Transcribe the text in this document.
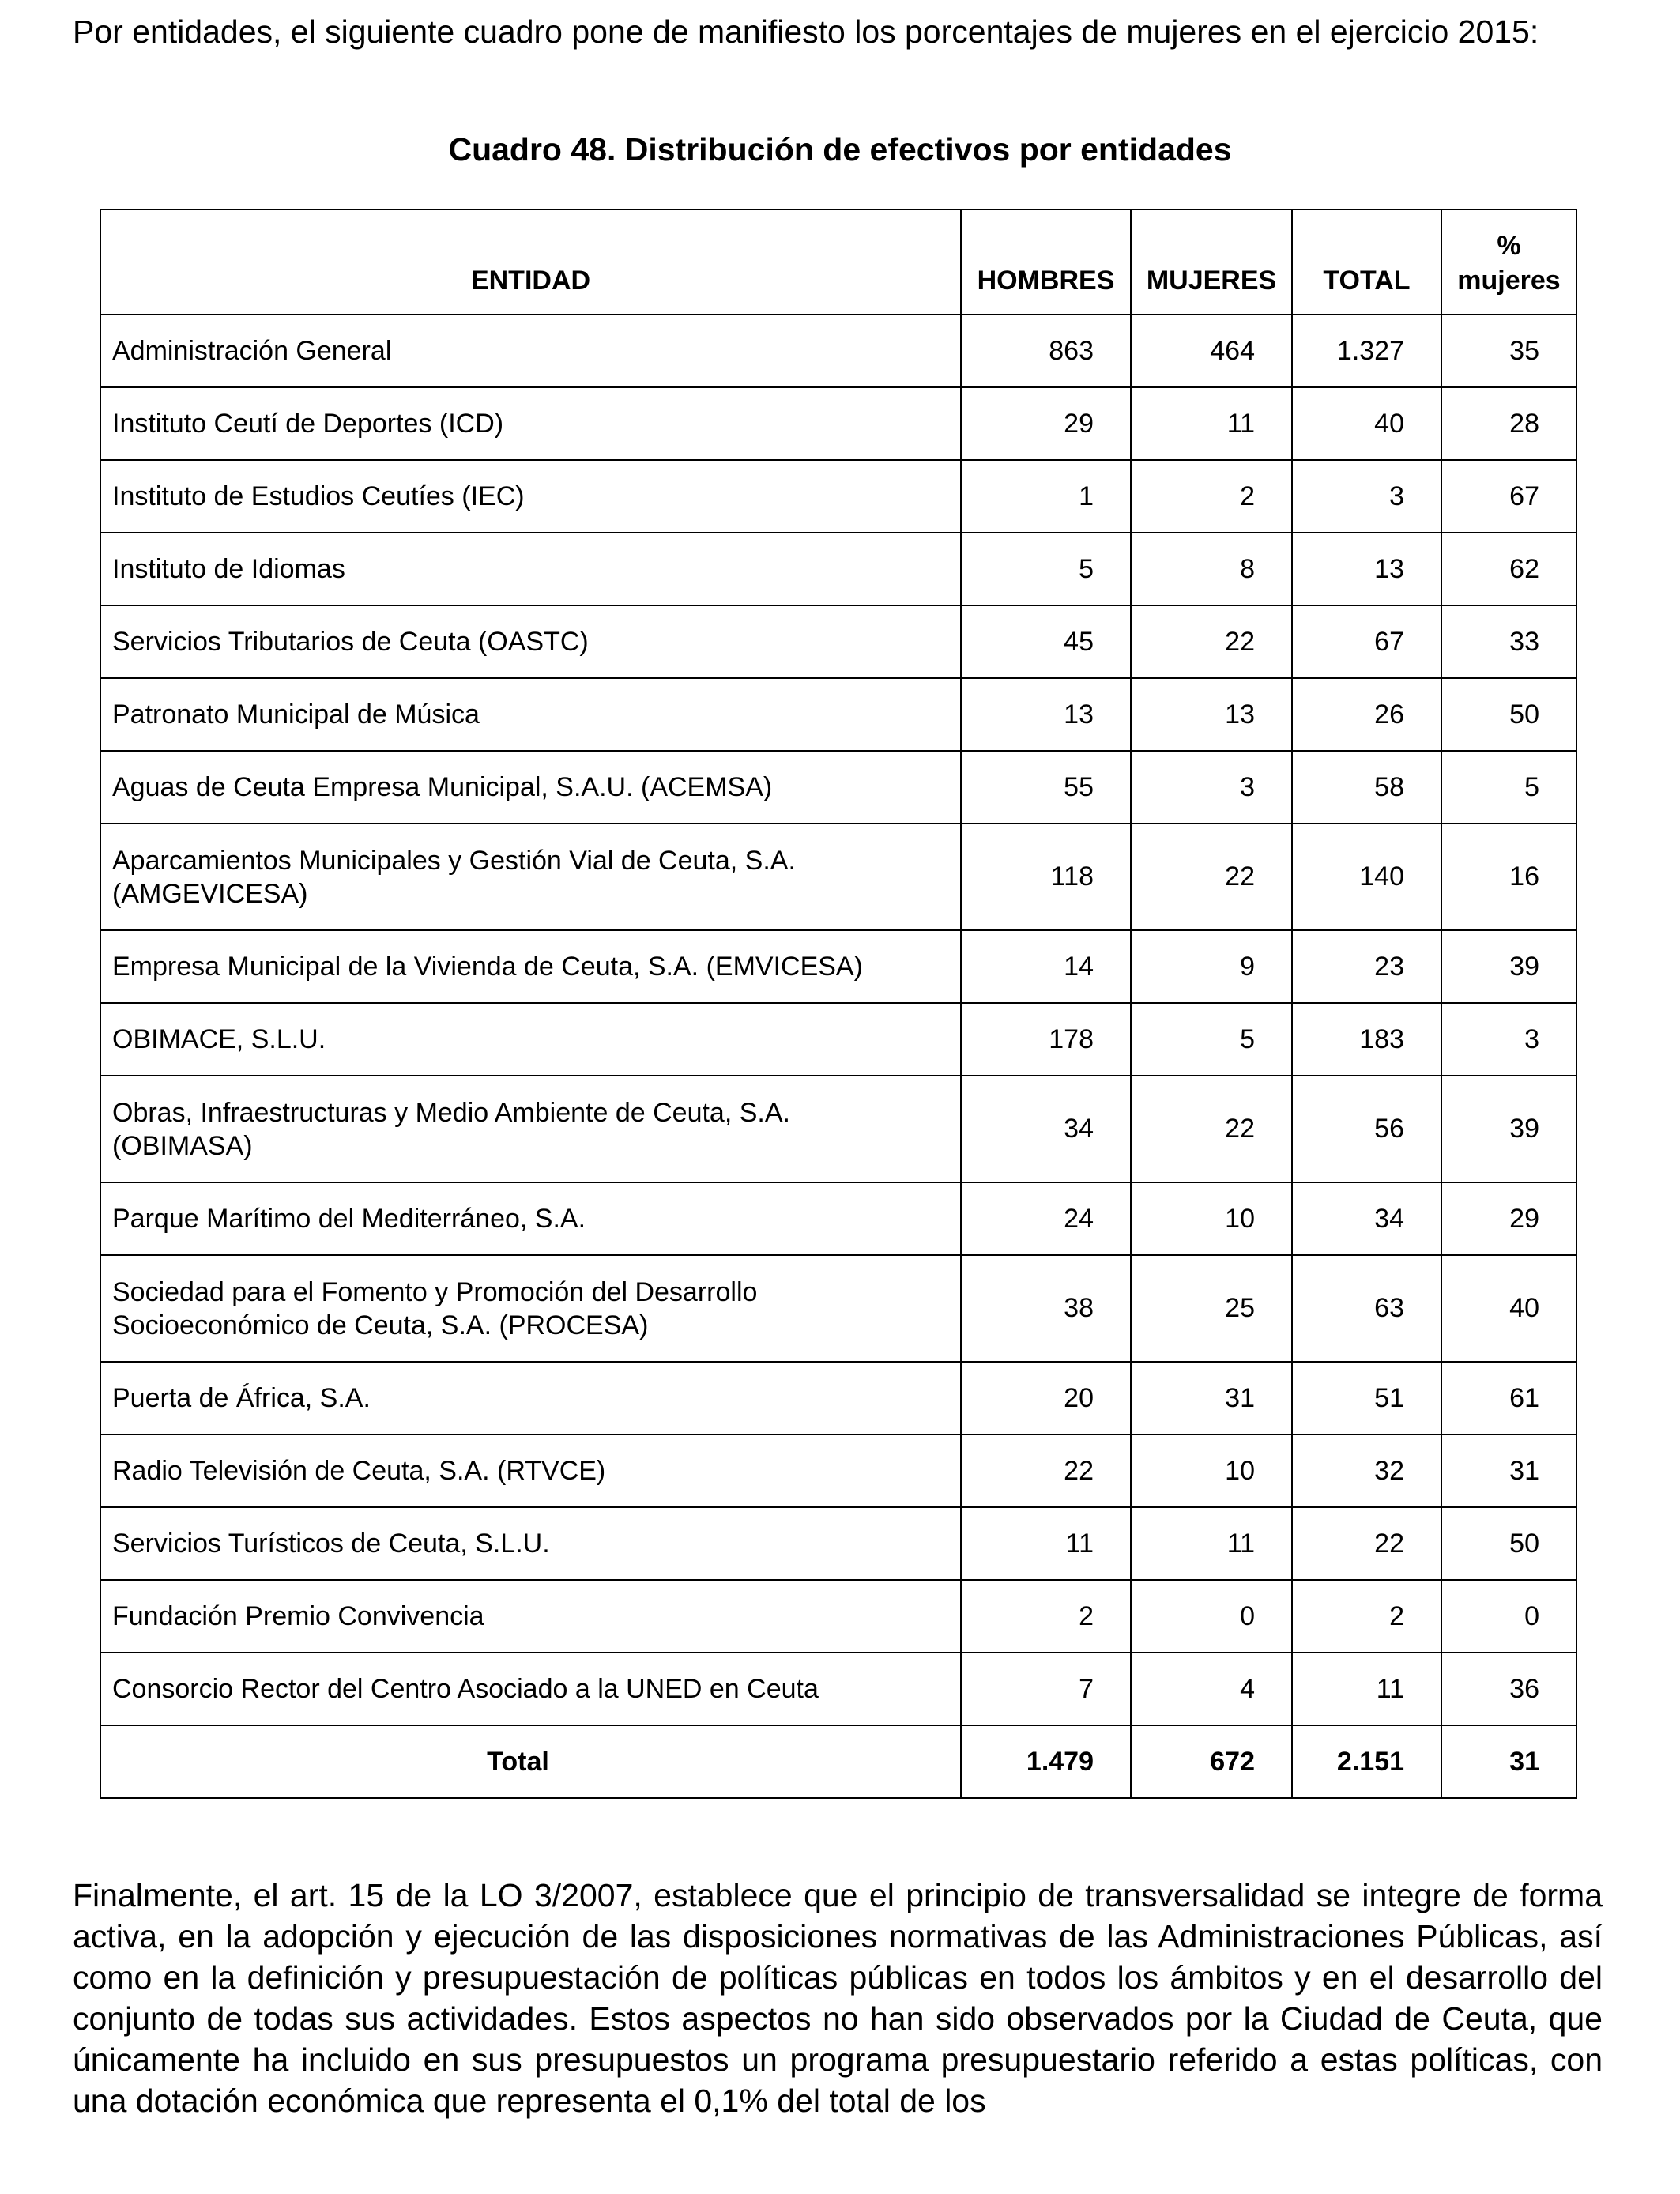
Por entidades, el siguiente cuadro pone de manifiesto los porcentajes de mujeres en el ejercicio 2015:

Cuadro 48. Distribución de efectivos por entidades

ENTIDAD	HOMBRES	MUJERES	TOTAL	% mujeres
Administración General	863	464	1.327	35
Instituto Ceutí de Deportes (ICD)	29	11	40	28
Instituto de Estudios Ceutíes (IEC)	1	2	3	67
Instituto de Idiomas	5	8	13	62
Servicios Tributarios de Ceuta (OASTC)	45	22	67	33
Patronato Municipal de Música	13	13	26	50
Aguas de Ceuta Empresa Municipal, S.A.U. (ACEMSA)	55	3	58	5
Aparcamientos Municipales y Gestión Vial de Ceuta, S.A. (AMGEVICESA)	118	22	140	16
Empresa Municipal de la Vivienda de Ceuta, S.A. (EMVICESA)	14	9	23	39
OBIMACE, S.L.U.	178	5	183	3
Obras, Infraestructuras y Medio Ambiente de Ceuta, S.A. (OBIMASA)	34	22	56	39
Parque Marítimo del Mediterráneo, S.A.	24	10	34	29
Sociedad para el Fomento y Promoción del Desarrollo Socioeconómico de Ceuta, S.A. (PROCESA)	38	25	63	40
Puerta de África, S.A.	20	31	51	61
Radio Televisión de Ceuta, S.A. (RTVCE)	22	10	32	31
Servicios Turísticos de Ceuta, S.L.U.	11	11	22	50
Fundación Premio Convivencia	2	0	2	0
Consorcio Rector del Centro Asociado a la UNED en Ceuta	7	4	11	36
Total	1.479	672	2.151	31

Finalmente, el art. 15 de la LO 3/2007, establece que el principio de transversalidad se integre de forma activa, en la adopción y ejecución de las disposiciones normativas de las Administraciones Públicas, así como en la definición y presupuestación de políticas públicas en todos los ámbitos y en el desarrollo del conjunto de todas sus actividades. Estos aspectos no han sido observados por la Ciudad de Ceuta, que únicamente ha incluido en sus presupuestos un programa presupuestario referido a estas políticas, con una dotación económica que representa el 0,1% del total de los
